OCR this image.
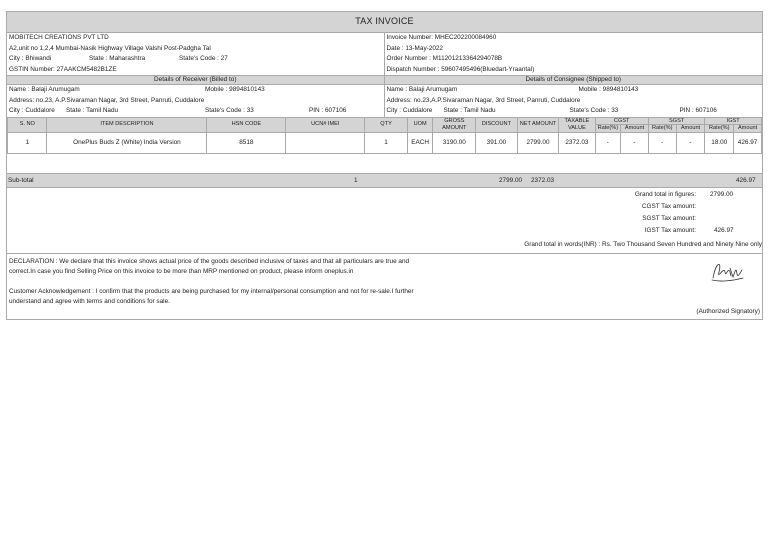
TAX INVOICE
MOBITECH CREATIONS PVT LTD
A2,unit no 1,2,4 Mumbai-Nasik Highway Village Valshi Post-Padgha Tal
City : Bhiwandi	State : Maharashtra	State's Code : 27
GSTIN Number: 27AAKCM5482B1ZE
Invoice Number: MHEC202200084960
Date : 13-May-2022
Order Number : M11201213364294078B
Dispatch Number : 59607495496(Bluedart-Yraantal)
Details of Receiver (Billed to)
Name : Balaji Arumugam	Mobile : 9894810143
Address: no.23, A.P.Sivaraman Nagar, 3rd Street, Panruti, Cuddalore
City : Cuddalore	State : Tamil Nadu	State's Code : 33	PIN : 607106
Details of Consignee (Shipped to)
Name : Balaji Arumugam	Mobile : 9894810143
Address: no.23,A.P.Sivaraman Nagar, 3rd Street, Panruti, Cuddalore
City : Cuddalore	State : Tamil Nadu	State's Code : 33	PIN : 607106
S. NO	ITEM DESCRIPTION	HSN CODE	UCN# IMEI	QTY	UOM	GROSS AMOUNT	DISCOUNT	NET AMOUNT	TAXABLE VALUE	CGST		SGST		IGST	
										Rate(%)	Amount	Rate(%)	Amount	Rate(%)	Amount
1	OnePlus Buds Z (White) India Version	8518		1	EACH	3190.00	391.00	2799.00	2372.03	-	-	-	-	18.00	426.97
Sub-total	1	2799.00 2372.03	426.97
Grand total in figures: 2799.00
CGST Tax amount:
SGST Tax amount:
IGST Tax amount:	426.97
Grand total in words(INR) : Rs. Two Thousand Seven Hundred and Ninety Nine only
DECLARATION : We declare that this invoice shows actual price of the goods described inclusive of taxes and that all particulars are true and
correct.In case you find Selling Price on this invoice to be more than MRP mentioned on product, please inform oneplus.in
Customer Acknowledgement : I confirm that the products are being purchased for my internal/personal consumption and not for re-sale.I further
understand and agree with terms and conditions for sale.
(Authorized Signatory)
